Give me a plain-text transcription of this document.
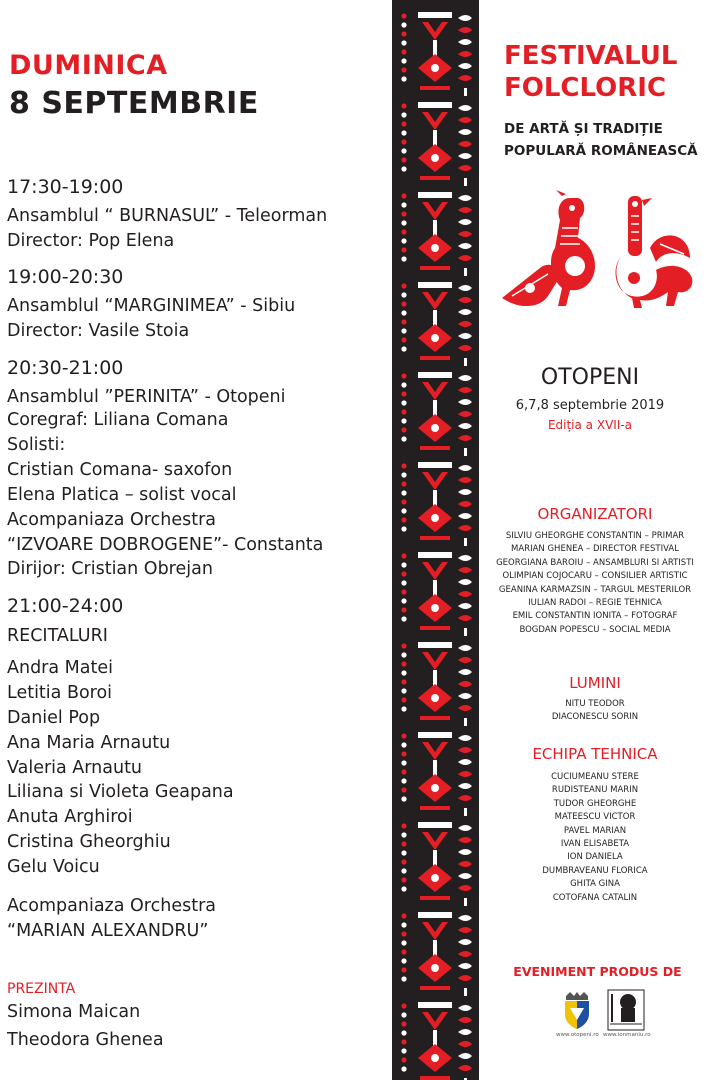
DUMINICA
8 SEPTEMBRIE
17:30-19:00
Ansamblul “ BURNASUL” - Teleorman
Director: Pop Elena
19:00-20:30
Ansamblul “MARGINIMEA” - Sibiu
Director: Vasile Stoia
20:30-21:00
Ansamblul ”PERINITA” - Otopeni
Coregraf: Liliana Comana
Solisti:
Cristian Comana- saxofon
Elena Platica – solist vocal
Acompaniaza Orchestra
“IZVOARE DOBROGENE”- Constanta
Dirijor: Cristian Obrejan
21:00-24:00
RECITALURI
Andra Matei
Letitia Boroi
Daniel Pop
Ana Maria Arnautu
Valeria Arnautu
Liliana si Violeta Geapana
Anuta Arghiroi
Cristina Gheorghiu
Gelu Voicu
Acompaniaza Orchestra
“MARIAN ALEXANDRU”
PREZINTA
Simona Maican
Theodora Ghenea
FESTIVALUL
FOLCLORIC
DE ARTĂ ȘI TRADIȚIE
POPULARĂ ROMÂNEASCĂ
OTOPENI
6,7,8 septembrie 2019
Ediția a XVII-a
ORGANIZATORI
SILVIU GHEORGHE CONSTANTIN – PRIMAR
MARIAN GHENEA – DIRECTOR FESTIVAL
GEORGIANA BAROIU – ANSAMBLURI SI ARTISTI
OLIMPIAN COJOCARU – CONSILIER ARTISTIC
GEANINA KARMAZSIN – TARGUL MESTERILOR
IULIAN RADOI – REGIE TEHNICA
EMIL CONSTANTIN IONITA – FOTOGRAF
BOGDAN POPESCU – SOCIAL MEDIA
LUMINI
NITU TEODOR
DIACONESCU SORIN
ECHIPA TEHNICA
CUCIUMEANU STERE
RUDISTEANU MARIN
TUDOR GHEORGHE
MATEESCU VICTOR
PAVEL MARIAN
IVAN ELISABETA
ION DANIELA
DUMBRAVEANU FLORICA
GHITA GINA
COTOFANA CATALIN
EVENIMENT PRODUS DE
www.otopeni.ro www.ionmaniu.ro
